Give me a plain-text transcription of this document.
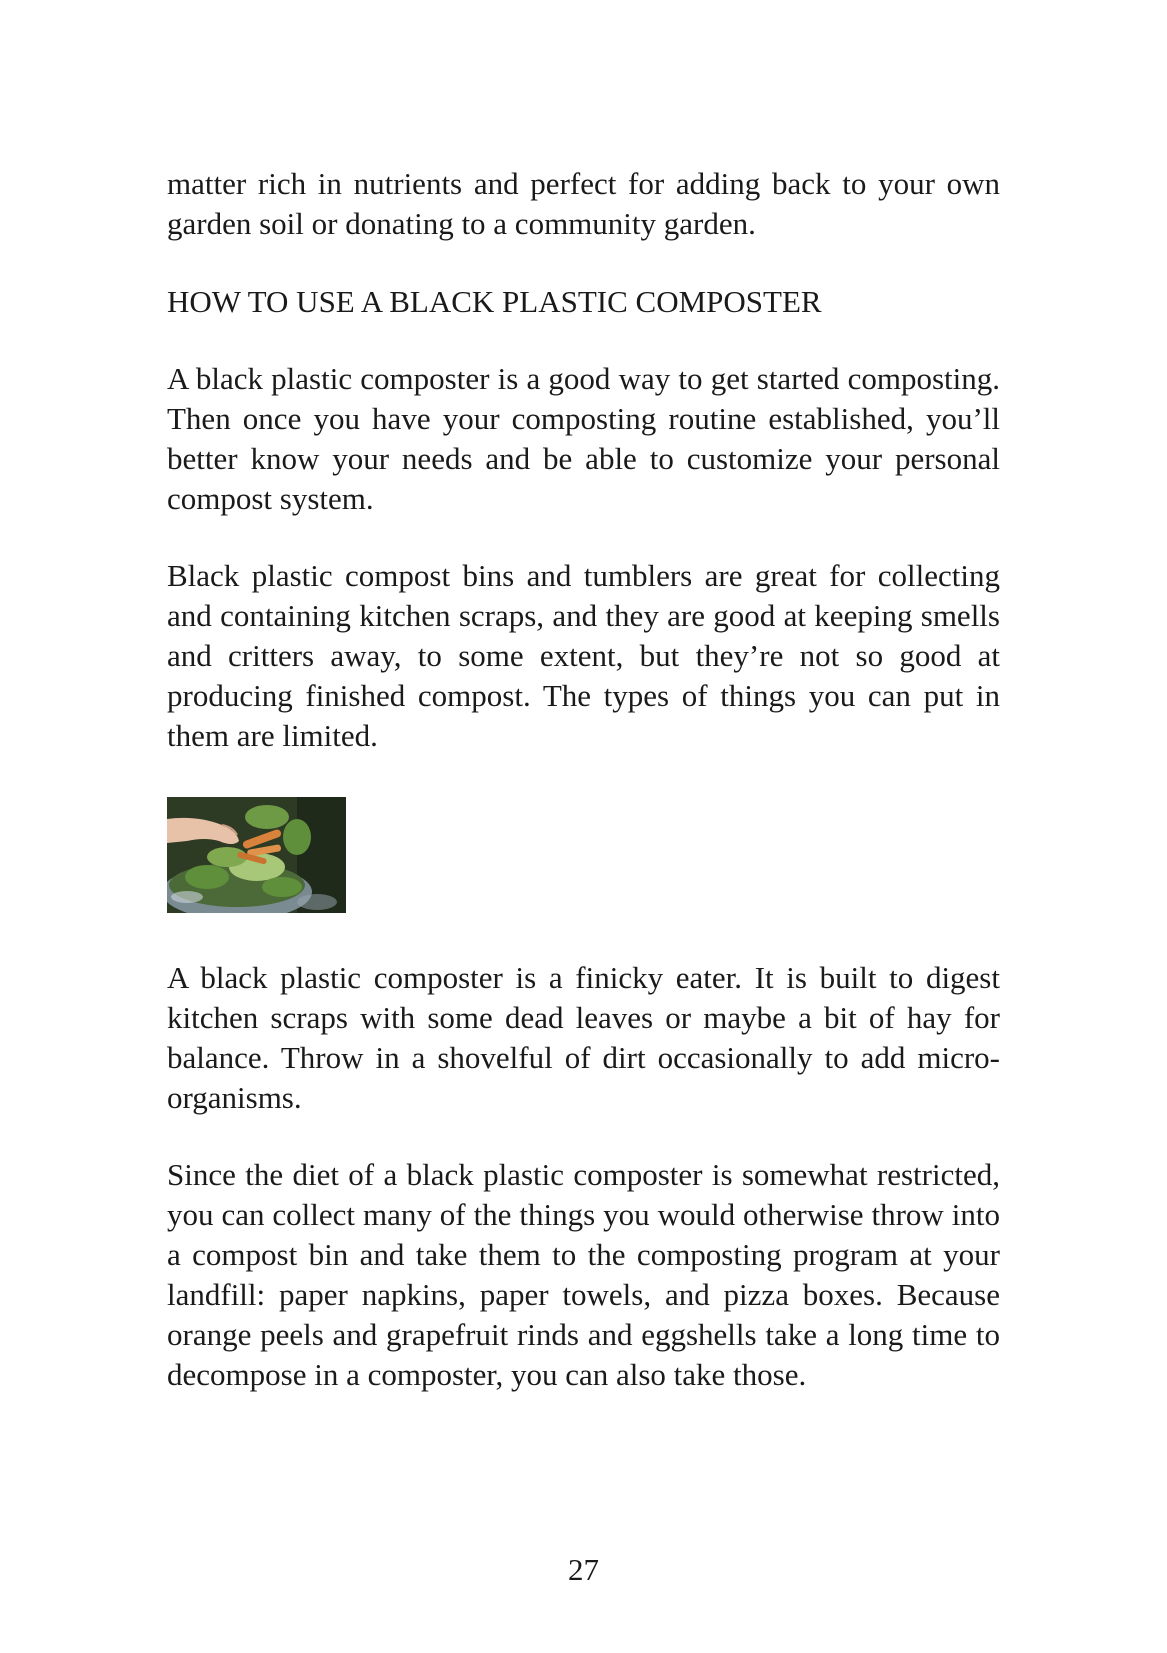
matter rich in nutrients and perfect for adding back to your own garden soil or donating to a community garden.

HOW TO USE A BLACK PLASTIC COMPOSTER

A black plastic composter is a good way to get started composting. Then once you have your composting routine established, you’ll better know your needs and be able to customize your personal compost system.

Black plastic compost bins and tumblers are great for collecting and containing kitchen scraps, and they are good at keeping smells and critters away, to some extent, but they’re not so good at producing finished compost. The types of things you can put in them are limited.

A black plastic composter is a finicky eater. It is built to digest kitchen scraps with some dead leaves or maybe a bit of hay for balance. Throw in a shovelful of dirt occasionally to add micro-organisms.

Since the diet of a black plastic composter is somewhat restricted, you can collect many of the things you would otherwise throw into a compost bin and take them to the composting program at your landfill: paper napkins, paper towels, and pizza boxes. Because orange peels and grapefruit rinds and eggshells take a long time to decompose in a composter, you can also take those.

27
